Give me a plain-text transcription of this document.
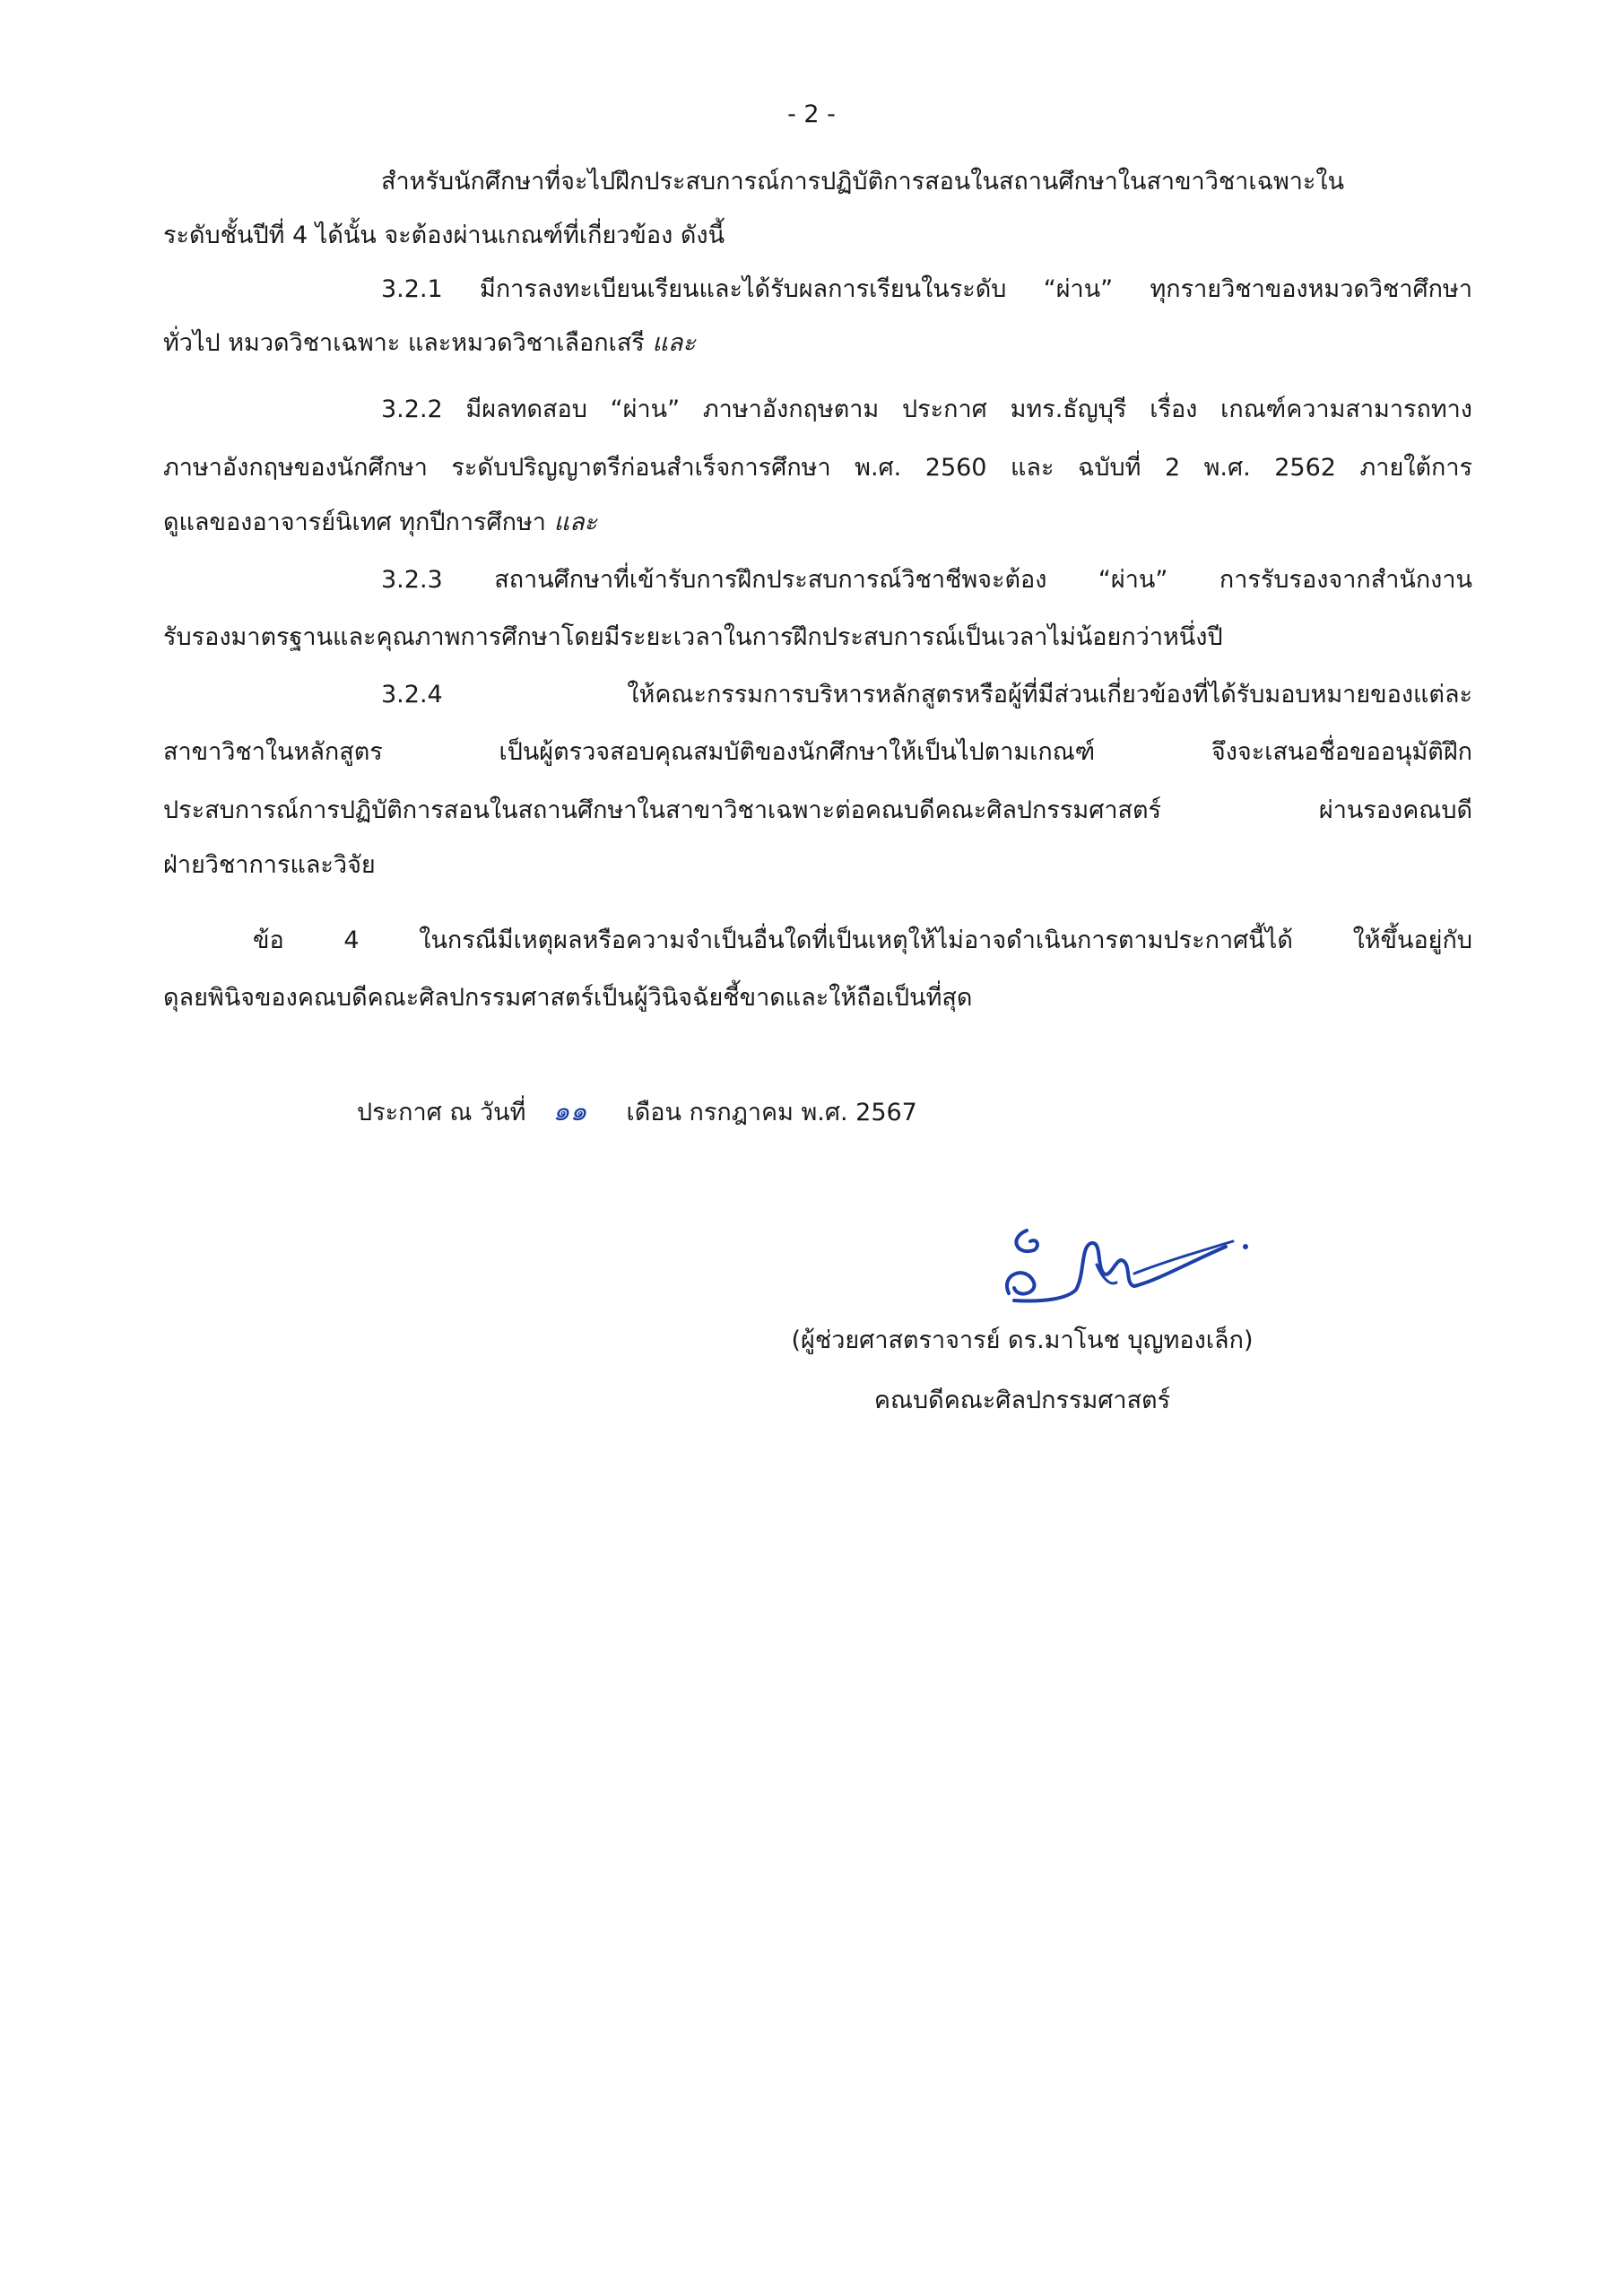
- 2 -
สำหรับนักศึกษาที่จะไปฝึกประสบการณ์การปฏิบัติการสอนในสถานศึกษาในสาขาวิชาเฉพาะใน
ระดับชั้นปีที่ 4 ได้นั้น จะต้องผ่านเกณฑ์ที่เกี่ยวข้อง ดังนี้
3.2.1 มีการลงทะเบียนเรียนและได้รับผลการเรียนในระดับ “ผ่าน” ทุกรายวิชาของหมวดวิชาศึกษา
ทั่วไป หมวดวิชาเฉพาะ และหมวดวิชาเลือกเสรี และ
3.2.2 มีผลทดสอบ “ผ่าน” ภาษาอังกฤษตาม ประกาศ มทร.ธัญบุรี เรื่อง เกณฑ์ความสามารถทาง
ภาษาอังกฤษของนักศึกษา ระดับปริญญาตรีก่อนสำเร็จการศึกษา พ.ศ. 2560 และ ฉบับที่ 2 พ.ศ. 2562 ภายใต้การ
ดูแลของอาจารย์นิเทศ ทุกปีการศึกษา และ
3.2.3 สถานศึกษาที่เข้ารับการฝึกประสบการณ์วิชาชีพจะต้อง “ผ่าน” การรับรองจากสำนักงาน
รับรองมาตรฐานและคุณภาพการศึกษาโดยมีระยะเวลาในการฝึกประสบการณ์เป็นเวลาไม่น้อยกว่าหนึ่งปี
3.2.4 ให้คณะกรรมการบริหารหลักสูตรหรือผู้ที่มีส่วนเกี่ยวข้องที่ได้รับมอบหมายของแต่ละ
สาขาวิชาในหลักสูตร เป็นผู้ตรวจสอบคุณสมบัติของนักศึกษาให้เป็นไปตามเกณฑ์ จึงจะเสนอชื่อขออนุมัติฝึก
ประสบการณ์การปฏิบัติการสอนในสถานศึกษาในสาขาวิชาเฉพาะต่อคณบดีคณะศิลปกรรมศาสตร์ ผ่านรองคณบดี
ฝ่ายวิชาการและวิจัย
ข้อ 4 ในกรณีมีเหตุผลหรือความจำเป็นอื่นใดที่เป็นเหตุให้ไม่อาจดำเนินการตามประกาศนี้ได้ ให้ขึ้นอยู่กับ
ดุลยพินิจของคณบดีคณะศิลปกรรมศาสตร์เป็นผู้วินิจฉัยชี้ขาดและให้ถือเป็นที่สุด
ประกาศ ณ วันที่ ๑๑ เดือน กรกฎาคม พ.ศ. 2567
(ผู้ช่วยศาสตราจารย์ ดร.มาโนช บุญทองเล็ก)
คณบดีคณะศิลปกรรมศาสตร์
